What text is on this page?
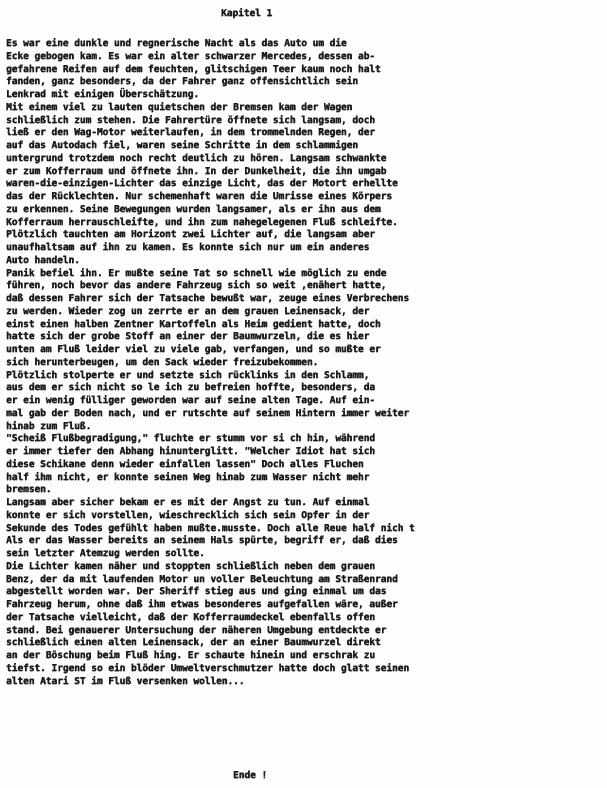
Kapitel 1
Es war eine dunkle und regnerische Nacht als das Auto um die
Ecke gebogen kam. Es war ein alter schwarzer Mercedes, dessen ab-
gefahrene Reifen auf dem feuchten, glitschigen Teer kaum noch halt
fanden, ganz besonders, da der Fahrer ganz offensichtlich sein
Lenkrad mit einigen Überschätzung.
Mit einem viel zu lauten quietschen der Bremsen kam der Wagen
schließlich zum stehen. Die Fahrertüre öffnete sich langsam, doch
ließ er den Wag-Motor weiterlaufen, in dem trommelnden Regen, der
auf das Autodach fiel, waren seine Schritte in dem schlammigen
untergrund trotzdem noch recht deutlich zu hören. Langsam schwankte
er zum Kofferraum und öffnete ihn. In der Dunkelheit, die ihn umgab
waren-die-einzigen-Lichter das einzige Licht, das der Motort erhellte
das der Rücklechten. Nur schemenhaft waren die Umrisse eines Körpers
zu erkennen. Seine Bewegungen wurden langsamer, als er ihn aus dem
Kofferraum herrauschleifte, und ihn zum nahegelegenen Fluß schleifte.
Plötzlich tauchten am Horizont zwei Lichter auf, die langsam aber
unaufhaltsam auf ihn zu kamen. Es konnte sich nur um ein anderes
Auto handeln.
Panik befiel ihn. Er mußte seine Tat so schnell wie möglich zu ende
führen, noch bevor das andere Fahrzeug sich so weit ,enähert hatte,
daß dessen Fahrer sich der Tatsache bewußt war, zeuge eines Verbrechens
zu werden. Wieder zog un zerrte er an dem grauen Leinensack, der
einst einen halben Zentner Kartoffeln als Heim gedient hatte, doch
hatte sich der grobe Stoff an einer der Baumwurzeln, die es hier
unten am Fluß leider viel zu viele gab, verfangen, und so mußte er
sich herunterbeugen, um den Sack wieder freizubekommen.
Plötzlich stolperte er und setzte sich rücklinks in den Schlamm,
aus dem er sich nicht so le ich zu befreien hoffte, besonders, da
er ein wenig fülliger geworden war auf seine alten Tage. Auf ein-
mal gab der Boden nach, und er rutschte auf seinem Hintern immer weiter
hinab zum Fluß.
"Scheiß Flußbegradigung," fluchte er stumm vor si ch hin, während
er immer tiefer den Abhang hinunterglitt. "Welcher Idiot hat sich
diese Schikane denn wieder einfallen lassen" Doch alles Fluchen
half ihm nicht, er konnte seinen Weg hinab zum Wasser nicht mehr
bremsen.
Langsam aber sicher bekam er es mit der Angst zu tun. Auf einmal
konnte er sich vorstellen, wieschrecklich sich sein Opfer in der
Sekunde des Todes gefühlt haben mußte.musste. Doch alle Reue half nich t
Als er das Wasser bereits an seinem Hals spürte, begriff er, daß dies
sein letzter Atemzug werden sollte.
Die Lichter kamen näher und stoppten schließlich neben dem grauen
Benz, der da mit laufenden Motor un voller Beleuchtung am Straßenrand
abgestellt worden war. Der Sheriff stieg aus und ging einmal um das
Fahrzeug herum, ohne daß ihm etwas besonderes aufgefallen wäre, außer
der Tatsache vielleicht, daß der Kofferraumdeckel ebenfalls offen
stand. Bei genauerer Untersuchung der näheren Umgebung entdeckte er
schließlich einen alten Leinensack, der an einer Baumwurzel direkt
an der Böschung beim Fluß hing. Er schaute hinein und erschrak zu
tiefst. Irgend so ein blöder Umweltverschmutzer hatte doch glatt seinen
alten Atari ST im Fluß versenken wollen...
Ende !
